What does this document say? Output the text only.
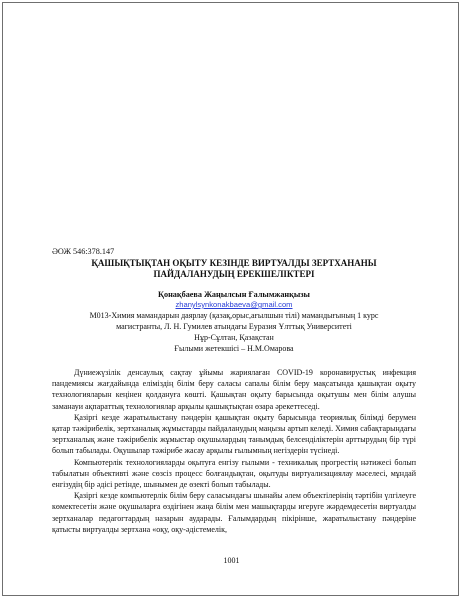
ӘОЖ 546:378.147
ҚАШЫҚТЫҚТАН ОҚЫТУ КЕЗІНДЕ ВИРТУАЛДЫ ЗЕРТХАНАНЫ
ПАЙДАЛАНУДЫҢ ЕРЕКШЕЛІКТЕРІ
Қонақбаева Жаңылсын Ғалымжанқызы
zhanylsynkonakbaeva@gmail.com
М013-Химия мамандарын даярлау (қазақ,орыс,ағылшын тілі) мамандығының 1 курс
магистранты, Л. Н. Гумилев атындағы Еуразия Ұлттық Университеті
Нұр-Сұлтан, Қазақстан
Ғылыми жетекшісі – Н.М.Омарова

Дүниежүзілік денсаулық сақтау ұйымы жариялаған COVID-19 коронавирустық инфекция пандемиясы жағдайында еліміздің білім беру саласы сапалы білім беру мақсатында қашықтан оқыту технологияларын кеңінен қолдануға көшті. Қашықтан оқыту барысында оқытушы мен білім алушы заманауи ақпараттық технологиялар арқылы қашықтықтан өзара әрекеттеседі.

Қазіргі кезде жаратылыстану пәндерін қашықтан оқыту барысында теориялық білімді берумен қатар тәжірибелік, зертханалық жұмыстарды пайдаланудың маңызы артып келеді. Химия сабақтарындағы зертханалық және тәжірибелік жұмыстар оқушылардың танымдық белсенділіктерін арттырудың бір түрі болып табылады. Оқушылар тәжірибе жасау арқылы ғылымның негіздерін түсінеді.

Компьютерлік технологияларды оқытуға енгізу ғылыми - техникалық прогрестің нәтижесі болып табылатын объективті және сөзсіз процесс болғандықтан, оқытуды виртуализациялау мәселесі, мұндай енгізудің бір әдісі ретінде, шынымен де өзекті болып табылады.

Қазіргі кезде компьютерлік білім беру саласындағы шынайы әлем объектілерінің тәртібін үлгілеуге көмектесетін және оқушыларға өздігінен жаңа білім мен машықтарды игеруге жәрдемдесетін виртуалды зертханалар педагогтардың назарын аударады. Ғалымдардың пікірінше, жаратылыстану пәндеріне қатысты виртуалды зертхана «оқу, оқу-әдістемелік,

1001
